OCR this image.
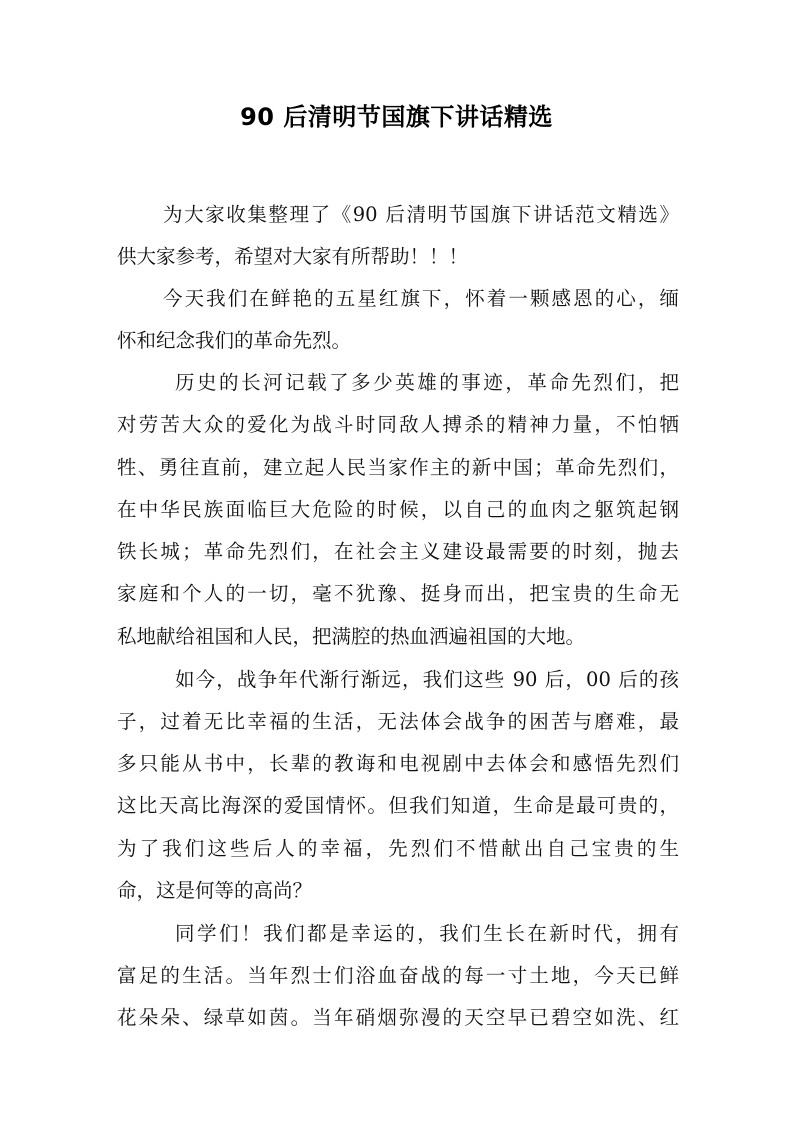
90 后清明节国旗下讲话精选
为大家收集整理了《90 后清明节国旗下讲话范文精选》
供大家参考，希望对大家有所帮助！！！
今天我们在鲜艳的五星红旗下，怀着一颗感恩的心，缅
怀和纪念我们的革命先烈。
历史的长河记载了多少英雄的事迹，革命先烈们，把
对劳苦大众的爱化为战斗时同敌人搏杀的精神力量，不怕牺
牲、勇往直前，建立起人民当家作主的新中国；革命先烈们，
在中华民族面临巨大危险的时候，以自己的血肉之躯筑起钢
铁长城；革命先烈们，在社会主义建设最需要的时刻，抛去
家庭和个人的一切，毫不犹豫、挺身而出，把宝贵的生命无
私地献给祖国和人民，把满腔的热血洒遍祖国的大地。
如今，战争年代渐行渐远，我们这些 90 后，00 后的孩
子，过着无比幸福的生活，无法体会战争的困苦与磨难，最
多只能从书中，长辈的教诲和电视剧中去体会和感悟先烈们
这比天高比海深的爱国情怀。但我们知道，生命是最可贵的，
为了我们这些后人的幸福，先烈们不惜献出自己宝贵的生
命，这是何等的高尚？
同学们！我们都是幸运的，我们生长在新时代，拥有
富足的生活。当年烈士们浴血奋战的每一寸土地，今天已鲜
花朵朵、绿草如茵。当年硝烟弥漫的天空早已碧空如洗、红
